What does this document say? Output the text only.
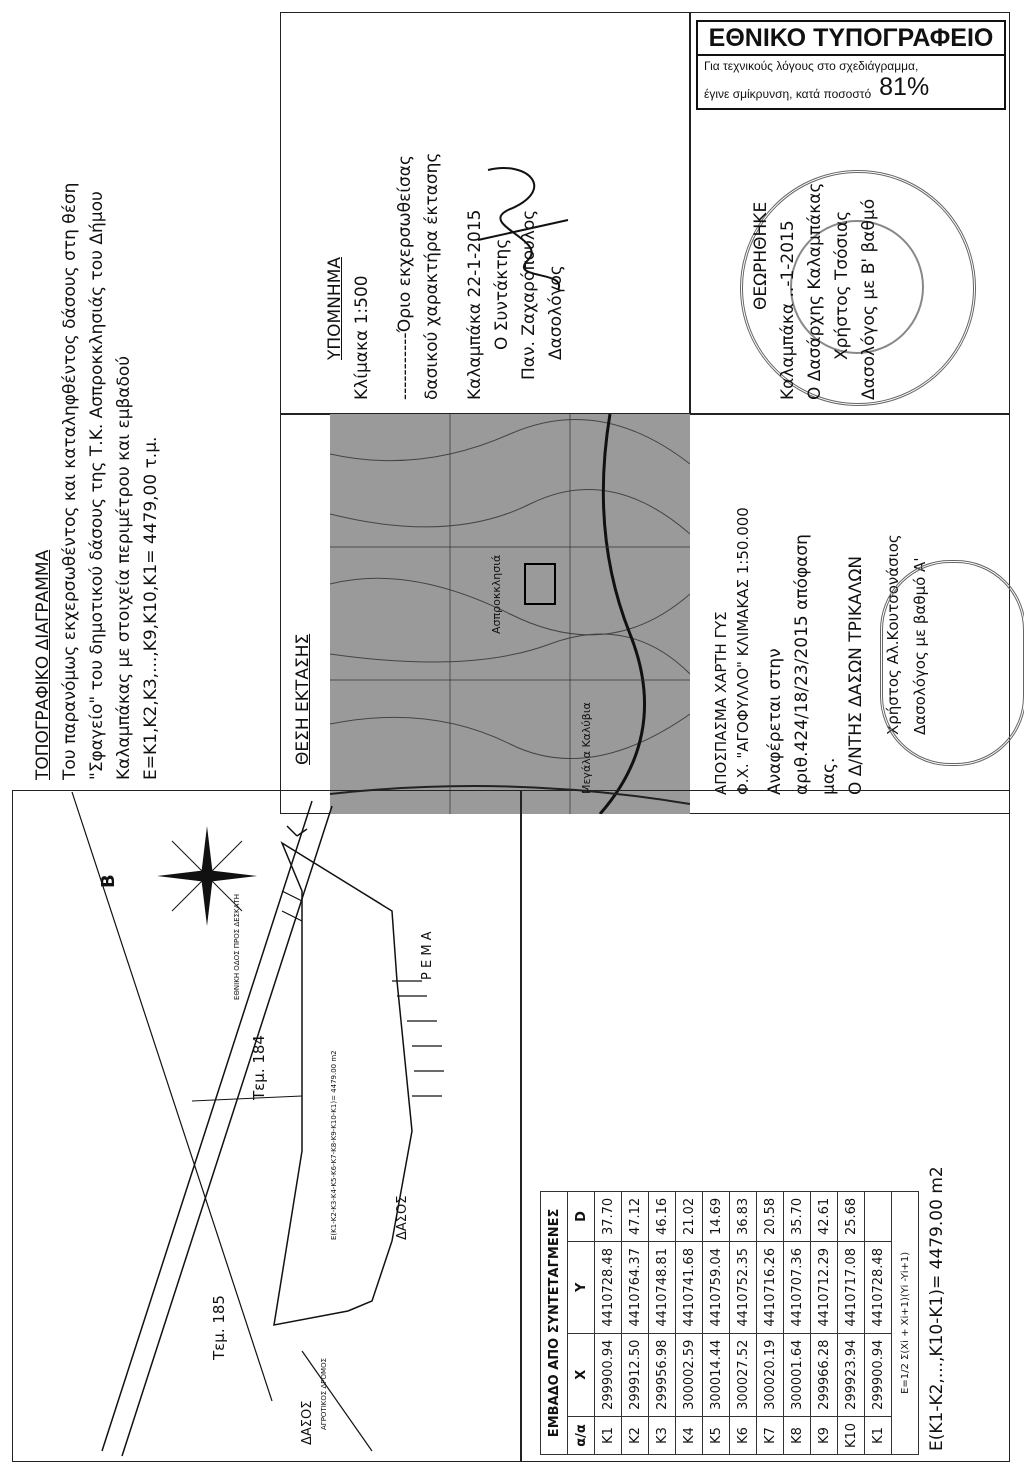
ΤΟΠΟΓΡΑΦΙΚΟ ΔΙΑΓΡΑΜΜΑ Του παρανόμως εκχερσωθέντος και καταληφθέντος δάσους στη θέση "Σφαγείο" του δημοτικού δάσους της Τ.Κ. Ασπροκκλησιάς του Δήμου Καλαμπάκας με στοιχεία περιμέτρου και εμβαδού E=K1,K2,K3,...,K9,K10,K1= 4479,00 τ.μ.
ΥΠΟΜΝΗΜΑ Κλίμακα 1:500 -----------Όριο εκχερσωθείσας δασικού χαρακτήρα έκτασης Καλαμπάκα 22-1-2015 Ο Συντάκτης Παν. Ζαχαρόπουλος Δασολόγος
ΕΘΝΙΚΟ ΤΥΠΟΓΡΑΦΕΙΟ
Για τεχνικούς λόγους στο σχεδιάγραμμα,
έγινε σμίκρυνση, κατά ποσοστό 81%
ΘΕΩΡΗΘΗΚΕ Καλαμπάκα ..-1-2015 Ο Δασάρχης Καλαμπάκας Χρήστος Τσόσιας Δασολόγος με Β' βαθμό
ΘΕΣΗ ΕΚΤΑΣΗΣ
Ασπροκκλησιά
Μεγάλα Καλύβια	ΑΠΟΣΠΑΣΜΑ ΧΑΡΤΗ ΓΥΣ Φ.Χ. "ΑΓΟΦΥΛΛΟ" ΚΛΙΜΑΚΑΣ 1:50.000 Αναφέρεται στην αριθ.424/18/23/2015 απόφαση μας. Ο Δ/ΝΤΗΣ ΔΑΣΩΝ ΤΡΙΚΑΛΩΝ Χρήστος Αλ.Κουτσονάσιος Δασολόγος με βαθμό Α'
Β
Τεμ. 184
Τεμ. 185
Ρ Ε Μ Α
ΔΑΣΟΣ
ΔΑΣΟΣ
ΕΘΝΙΚΗ ΟΔΟΣ ΠΡΟΣ ΔΕΣΚΑΤΗ
ΑΓΡΟΤΙΚΟΣ ΔΡΟΜΟΣ
E(K1-K2-K3-K4-K5-K6-K7-K8-K9-K10-K1)= 4479.00 m2
ΕΜΒΑΔΟ ΑΠΟ ΣΥΝΤΕΤΑΓΜΕΝΕΣ			
α/α	X	Y	D
K1	299900.94	4410728.48	37.70
K2	299912.50	4410764.37	47.12
K3	299956.98	4410748.81	46.16
K4	300002.59	4410741.68	21.02
K5	300014.44	4410759.04	14.69
K6	300027.52	4410752.35	36.83
K7	300020.19	4410716.26	20.58
K8	300001.64	4410707.36	35.70
K9	299966.28	4410712.29	42.61
K10	299923.94	4410717.08	25.68
K1	299900.94	4410728.48	
E=1/2 Σ(Xi + Xi+1)(Yi -Yi+1)			E(K1-K2,...,K10-K1)= 4479.00 m2
